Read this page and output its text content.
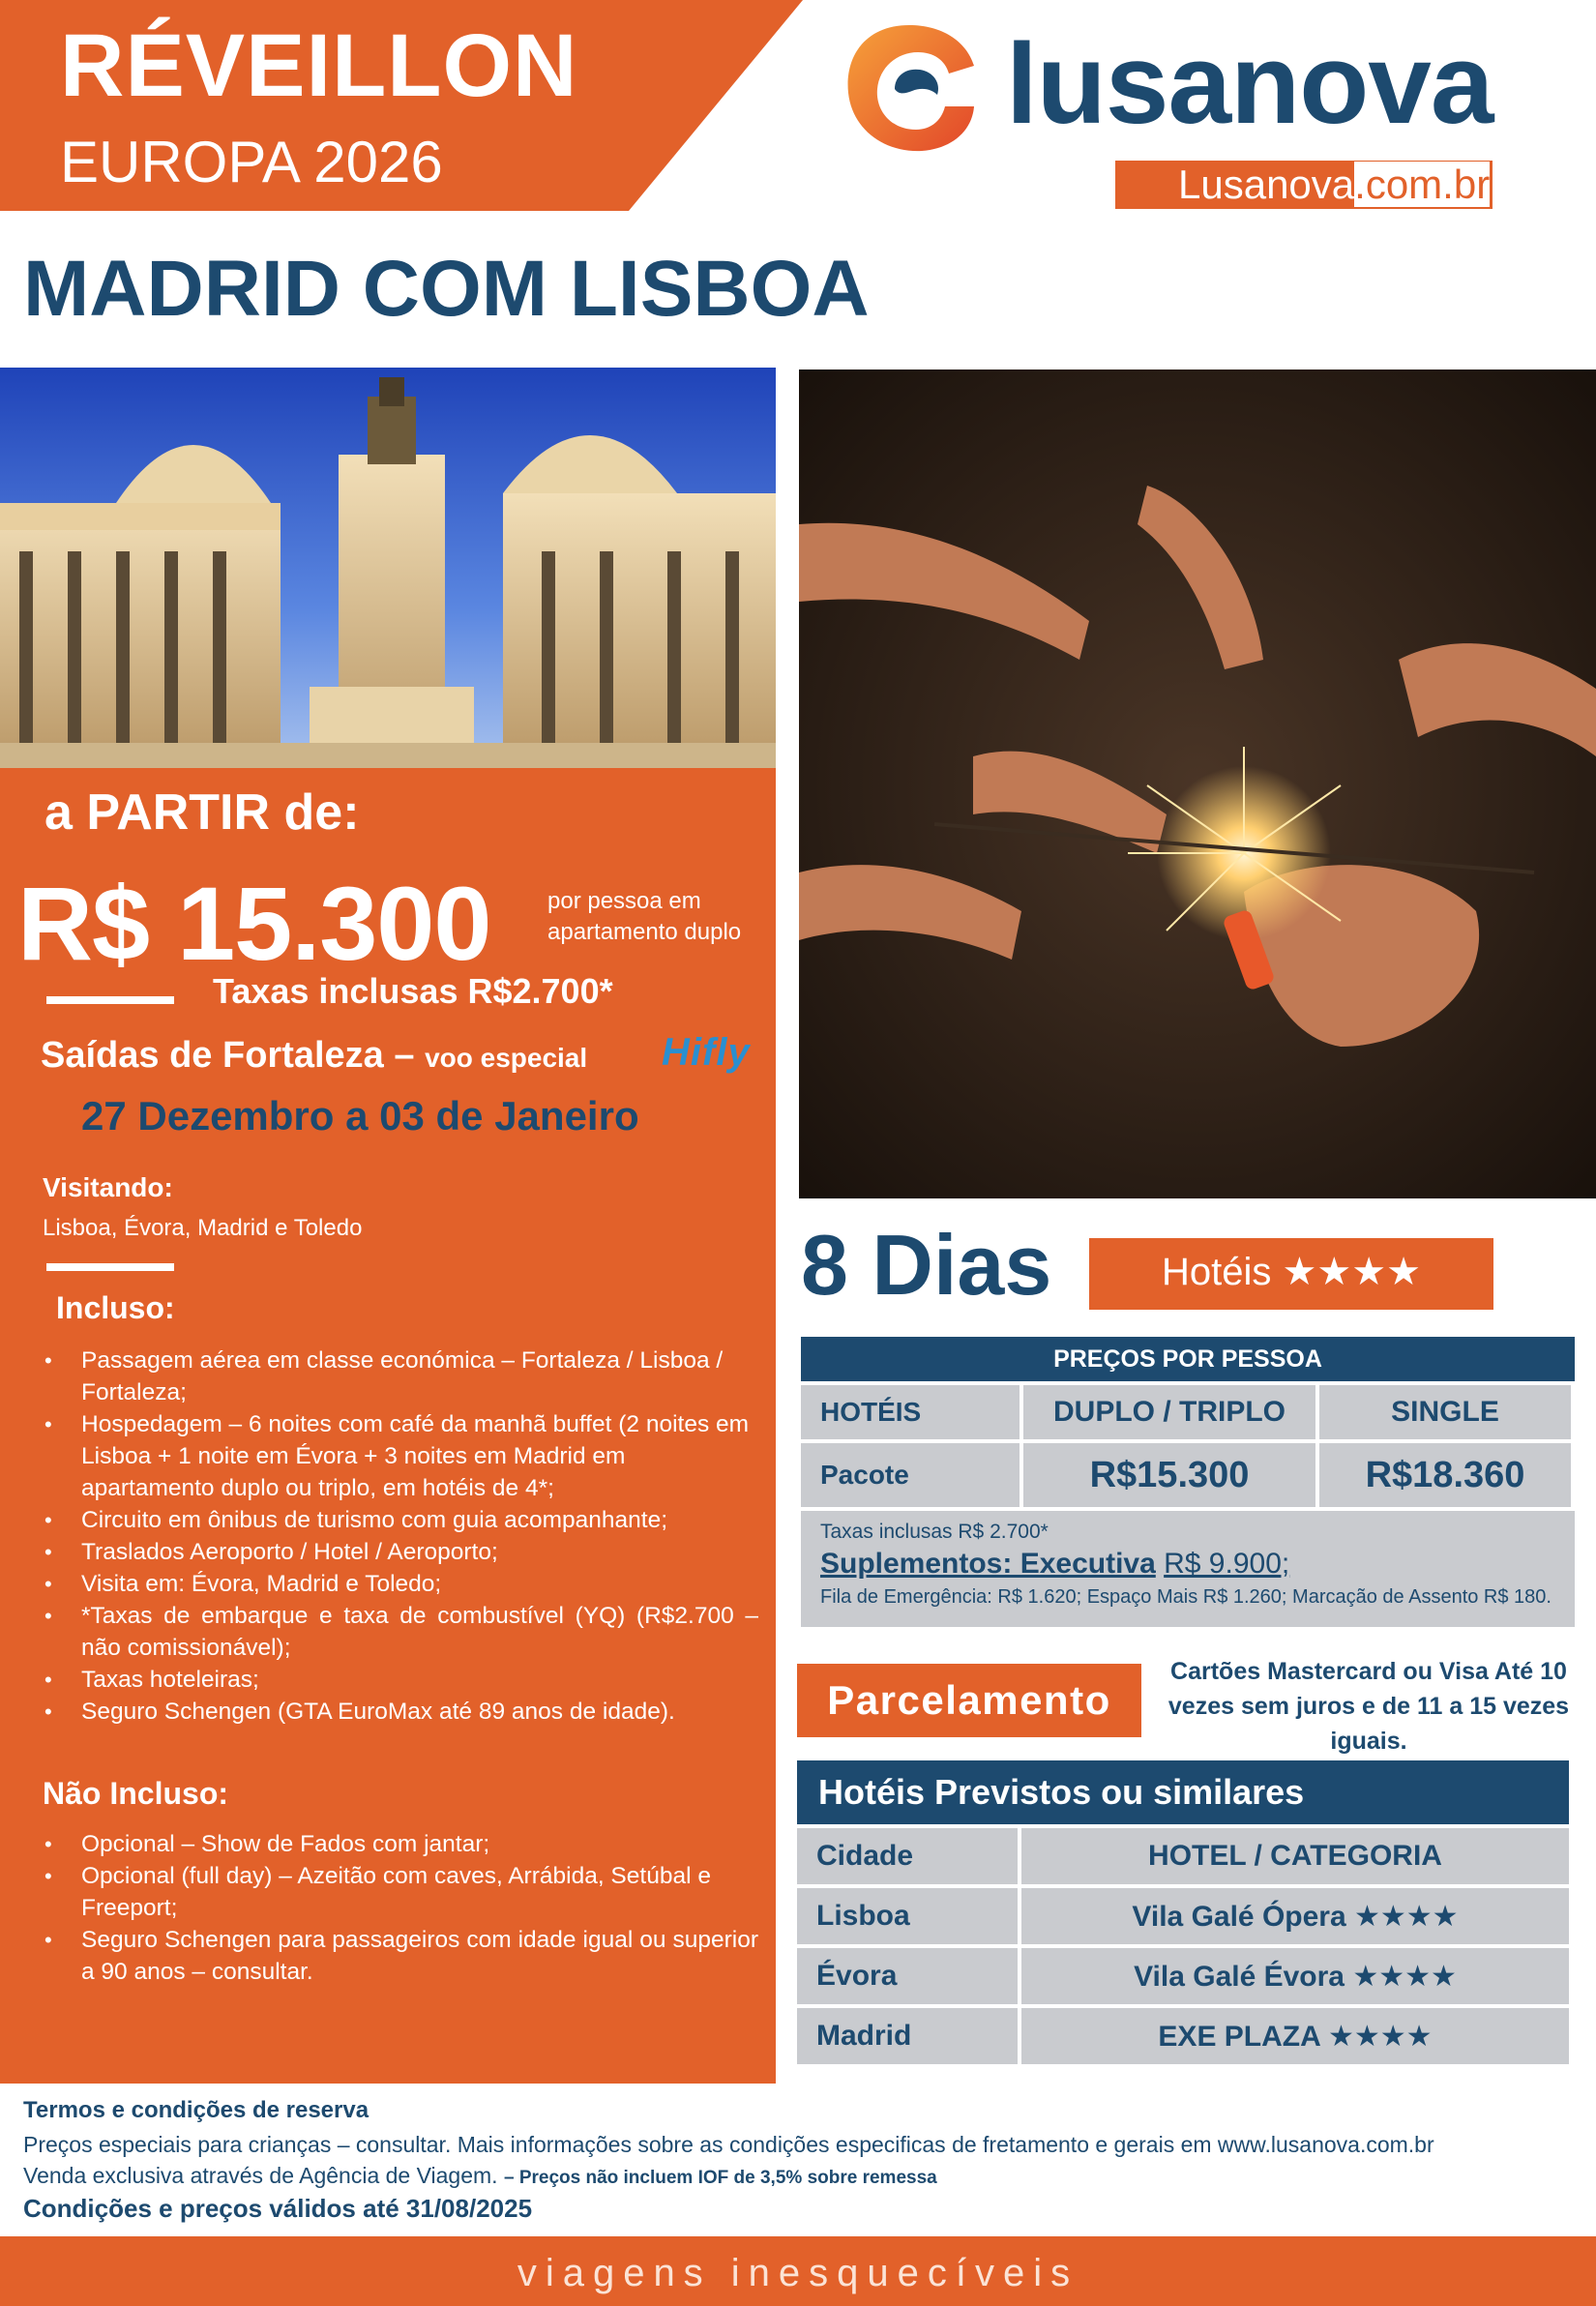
RÉVEILLON
EUROPA 2026
lusanova
Lusanova.com.br
MADRID COM LISBOA
a PARTIR de:
R$ 15.300 por pessoa em apartamento duplo
Taxas inclusas R$2.700*
Saídas de Fortaleza – voo especial Hifly
27 Dezembro a 03 de Janeiro
Visitando:
Lisboa, Évora, Madrid e Toledo
Incluso:
• Passagem aérea em classe económica – Fortaleza / Lisboa / Fortaleza;
• Hospedagem – 6 noites com café da manhã buffet (2 noites em Lisboa + 1 noite em Évora + 3 noites em Madrid em apartamento duplo ou triplo, em hotéis de 4*;
• Circuito em ônibus de turismo com guia acompanhante;
• Traslados Aeroporto / Hotel / Aeroporto;
• Visita em: Évora, Madrid e Toledo;
• *Taxas de embarque e taxa de combustível (YQ) (R$2.700 – não comissionável);
• Taxas hoteleiras;
• Seguro Schengen (GTA EuroMax até 89 anos de idade).
Não Incluso:
• Opcional – Show de Fados com jantar;
• Opcional (full day) – Azeitão com caves, Arrábida, Setúbal e Freeport;
• Seguro Schengen para passageiros com idade igual ou superior a 90 anos – consultar.
8 Dias	Hotéis ★★★★
PREÇOS POR PESSOA
HOTÉIS	DUPLO / TRIPLO	SINGLE
Pacote	R$15.300	R$18.360
Taxas inclusas R$ 2.700*
Suplementos: Executiva R$ 9.900;
Fila de Emergência: R$ 1.620; Espaço Mais R$ 1.260; Marcação de Assento R$ 180.
Parcelamento
Cartões Mastercard ou Visa Até 10 vezes sem juros e de 11 a 15 vezes iguais.
Hotéis Previstos ou similares
Cidade	HOTEL / CATEGORIA
Lisboa	Vila Galé Ópera ★★★★
Évora	Vila Galé Évora ★★★★
Madrid	EXE PLAZA ★★★★
Termos e condições de reserva
Preços especiais para crianças – consultar. Mais informações sobre as condições especificas de fretamento e gerais em www.lusanova.com.br
Venda exclusiva através de Agência de Viagem. – Preços não incluem IOF de 3,5% sobre remessa
Condições e preços válidos até 31/08/2025
viagens inesquecíveis
